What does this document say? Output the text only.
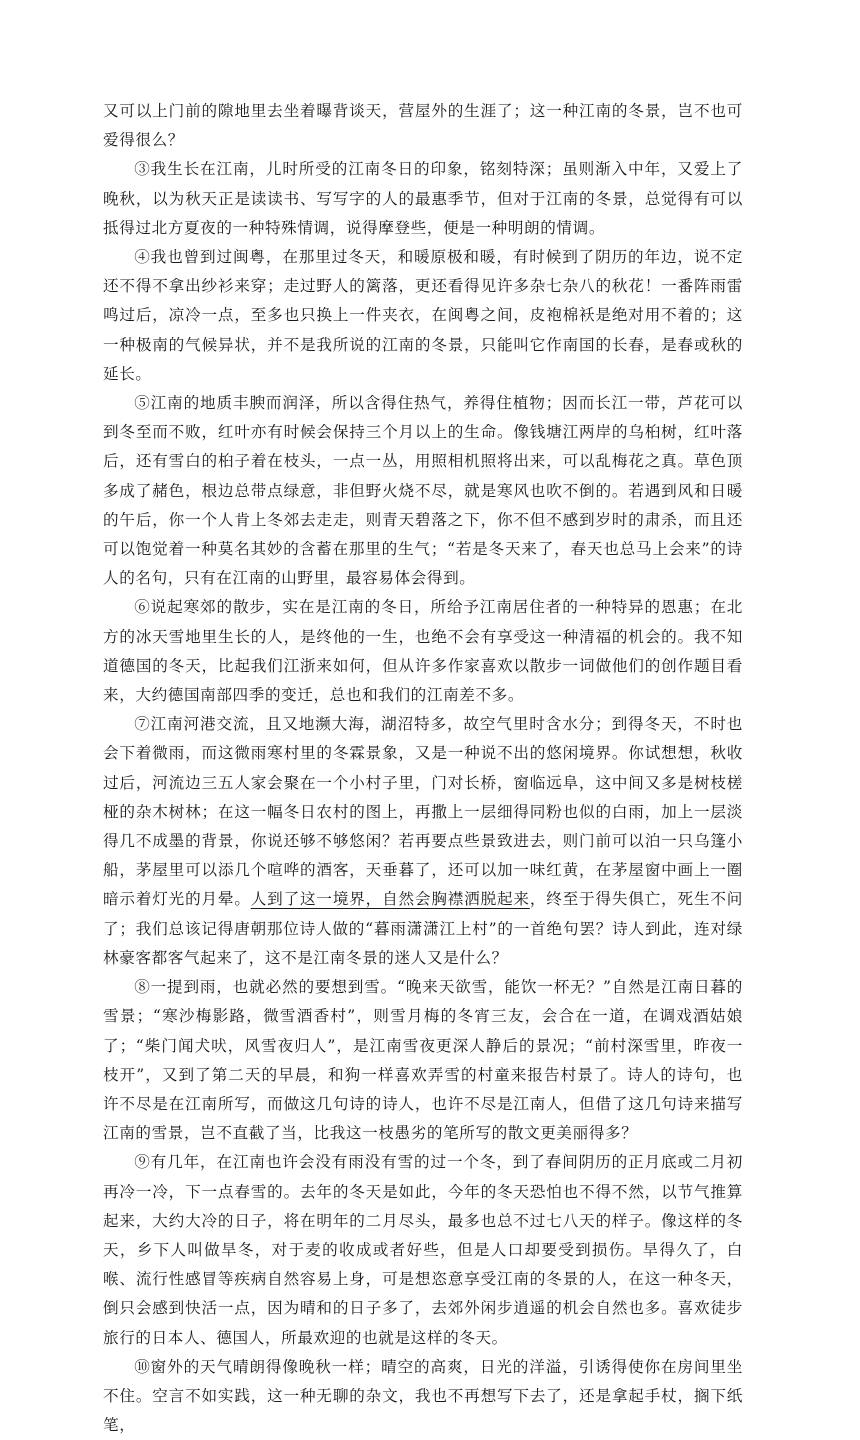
又可以上门前的隙地里去坐着曝背谈天，营屋外的生涯了；这一种江南的冬景，岂不也可爱得很么？

③我生长在江南，儿时所受的江南冬日的印象，铭刻特深；虽则渐入中年，又爱上了晚秋，以为秋天正是读读书、写写字的人的最惠季节，但对于江南的冬景，总觉得有可以抵得过北方夏夜的一种特殊情调，说得摩登些，便是一种明朗的情调。

④我也曾到过闽粤，在那里过冬天，和暖原极和暖，有时候到了阴历的年边，说不定还不得不拿出纱衫来穿；走过野人的篱落，更还看得见许多杂七杂八的秋花！一番阵雨雷鸣过后，凉冷一点，至多也只换上一件夹衣，在闽粤之间，皮袍棉袄是绝对用不着的；这一种极南的气候异状，并不是我所说的江南的冬景，只能叫它作南国的长春，是春或秋的延长。

⑤江南的地质丰腴而润泽，所以含得住热气，养得住植物；因而长江一带，芦花可以到冬至而不败，红叶亦有时候会保持三个月以上的生命。像钱塘江两岸的乌桕树，红叶落后，还有雪白的桕子着在枝头，一点一丛，用照相机照将出来，可以乱梅花之真。草色顶多成了赭色，根边总带点绿意，非但野火烧不尽，就是寒风也吹不倒的。若遇到风和日暖的午后，你一个人肯上冬郊去走走，则青天碧落之下，你不但不感到岁时的肃杀，而且还可以饱觉着一种莫名其妙的含蓄在那里的生气；“若是冬天来了，春天也总马上会来”的诗人的名句，只有在江南的山野里，最容易体会得到。

⑥说起寒郊的散步，实在是江南的冬日，所给予江南居住者的一种特异的恩惠；在北方的冰天雪地里生长的人，是终他的一生，也绝不会有享受这一种清福的机会的。我不知道德国的冬天，比起我们江浙来如何，但从许多作家喜欢以散步一词做他们的创作题目看来，大约德国南部四季的变迁，总也和我们的江南差不多。

⑦江南河港交流，且又地濒大海，湖沼特多，故空气里时含水分；到得冬天，不时也会下着微雨，而这微雨寒村里的冬霖景象，又是一种说不出的悠闲境界。你试想想，秋收过后，河流边三五人家会聚在一个小村子里，门对长桥，窗临远阜，这中间又多是树枝槎桠的杂木树林；在这一幅冬日农村的图上，再撒上一层细得同粉也似的白雨，加上一层淡得几不成墨的背景，你说还够不够悠闲？若再要点些景致进去，则门前可以泊一只乌篷小船，茅屋里可以添几个喧哗的酒客，天垂暮了，还可以加一味红黄，在茅屋窗中画上一圈暗示着灯光的月晕。人到了这一境界，自然会胸襟洒脱起来，终至于得失俱亡，死生不问了；我们总该记得唐朝那位诗人做的“暮雨潇潇江上村”的一首绝句罢？诗人到此，连对绿林豪客都客气起来了，这不是江南冬景的迷人又是什么？

⑧一提到雨，也就必然的要想到雪。“晚来天欲雪，能饮一杯无？”自然是江南日暮的雪景；“寒沙梅影路，微雪酒香村”，则雪月梅的冬宵三友，会合在一道，在调戏酒姑娘了；“柴门闻犬吠，风雪夜归人”，是江南雪夜更深人静后的景况；“前村深雪里，昨夜一枝开”，又到了第二天的早晨，和狗一样喜欢弄雪的村童来报告村景了。诗人的诗句，也许不尽是在江南所写，而做这几句诗的诗人，也许不尽是江南人，但借了这几句诗来描写江南的雪景，岂不直截了当，比我这一枝愚劣的笔所写的散文更美丽得多？

⑨有几年，在江南也许会没有雨没有雪的过一个冬，到了春间阴历的正月底或二月初再冷一冷，下一点春雪的。去年的冬天是如此，今年的冬天恐怕也不得不然，以节气推算起来，大约大冷的日子，将在明年的二月尽头，最多也总不过七八天的样子。像这样的冬天，乡下人叫做旱冬，对于麦的收成或者好些，但是人口却要受到损伤。旱得久了，白喉、流行性感冒等疾病自然容易上身，可是想恣意享受江南的冬景的人，在这一种冬天，倒只会感到快活一点，因为晴和的日子多了，去郊外闲步逍遥的机会自然也多。喜欢徒步旅行的日本人、德国人，所最欢迎的也就是这样的冬天。

⑩窗外的天气晴朗得像晚秋一样；晴空的高爽，日光的洋溢，引诱得使你在房间里坐不住。空言不如实践，这一种无聊的杂文，我也不再想写下去了，还是拿起手杖，搁下纸笔，
